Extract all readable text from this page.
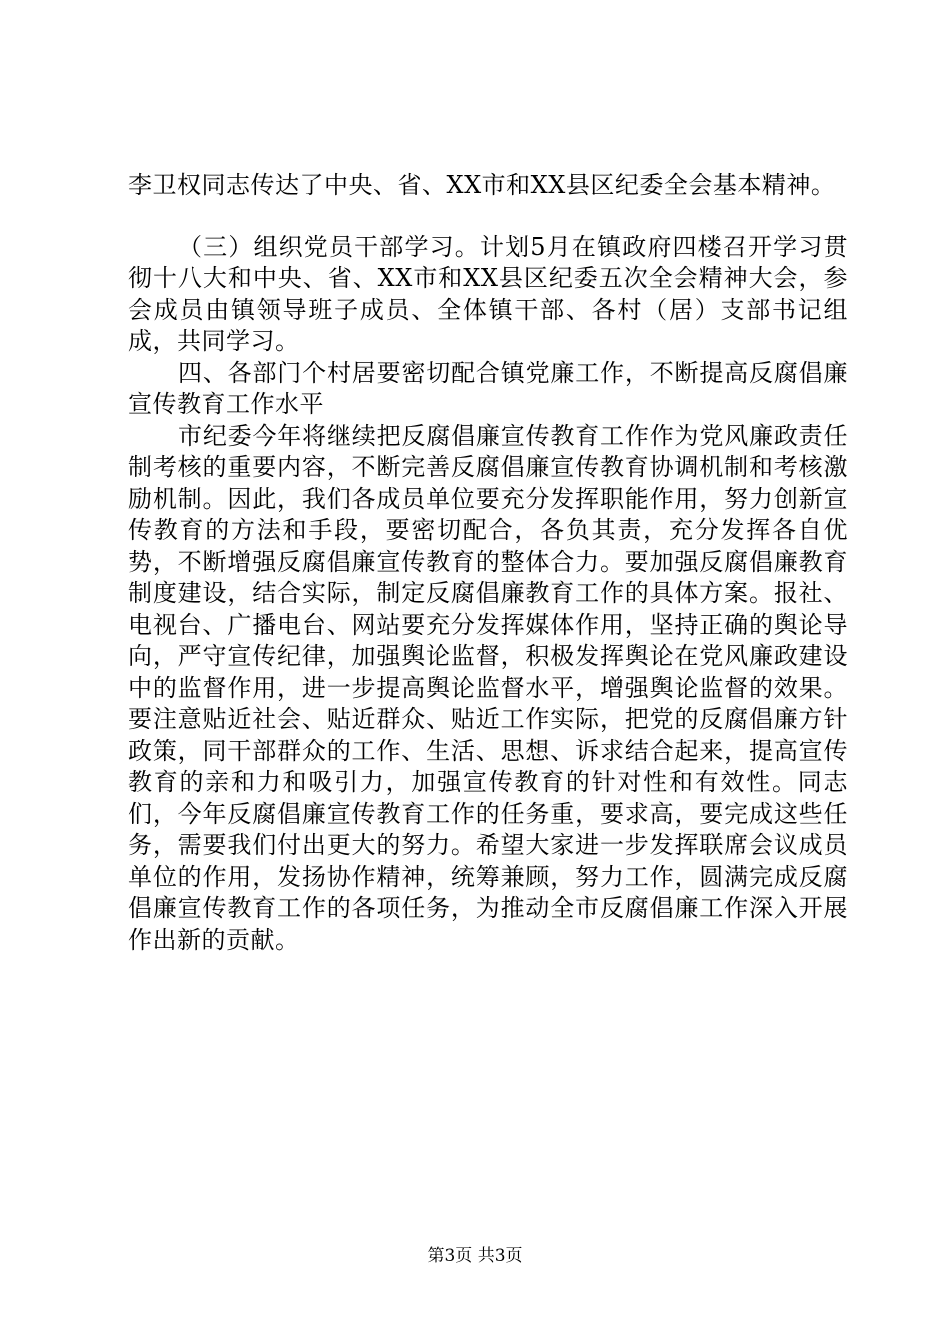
李卫权同志传达了中央、省、XX市和XX县区纪委全会基本精神。

（三）组织党员干部学习。计划5月在镇政府四楼召开学习贯彻十八大和中央、省、XX市和XX县区纪委五次全会精神大会，参会成员由镇领导班子成员、全体镇干部、各村（居）支部书记组成，共同学习。

四、各部门个村居要密切配合镇党廉工作，不断提高反腐倡廉宣传教育工作水平

市纪委今年将继续把反腐倡廉宣传教育工作作为党风廉政责任制考核的重要内容，不断完善反腐倡廉宣传教育协调机制和考核激励机制。因此，我们各成员单位要充分发挥职能作用，努力创新宣传教育的方法和手段，要密切配合，各负其责，充分发挥各自优势，不断增强反腐倡廉宣传教育的整体合力。要加强反腐倡廉教育制度建设，结合实际，制定反腐倡廉教育工作的具体方案。报社、电视台、广播电台、网站要充分发挥媒体作用，坚持正确的舆论导向，严守宣传纪律，加强舆论监督，积极发挥舆论在党风廉政建设中的监督作用，进一步提高舆论监督水平，增强舆论监督的效果。要注意贴近社会、贴近群众、贴近工作实际，把党的反腐倡廉方针政策，同干部群众的工作、生活、思想、诉求结合起来，提高宣传教育的亲和力和吸引力，加强宣传教育的针对性和有效性。同志们，今年反腐倡廉宣传教育工作的任务重，要求高，要完成这些任务，需要我们付出更大的努力。希望大家进一步发挥联席会议成员单位的作用，发扬协作精神，统筹兼顾，努力工作，圆满完成反腐倡廉宣传教育工作的各项任务，为推动全市反腐倡廉工作深入开展作出新的贡献。

第3页 共3页
